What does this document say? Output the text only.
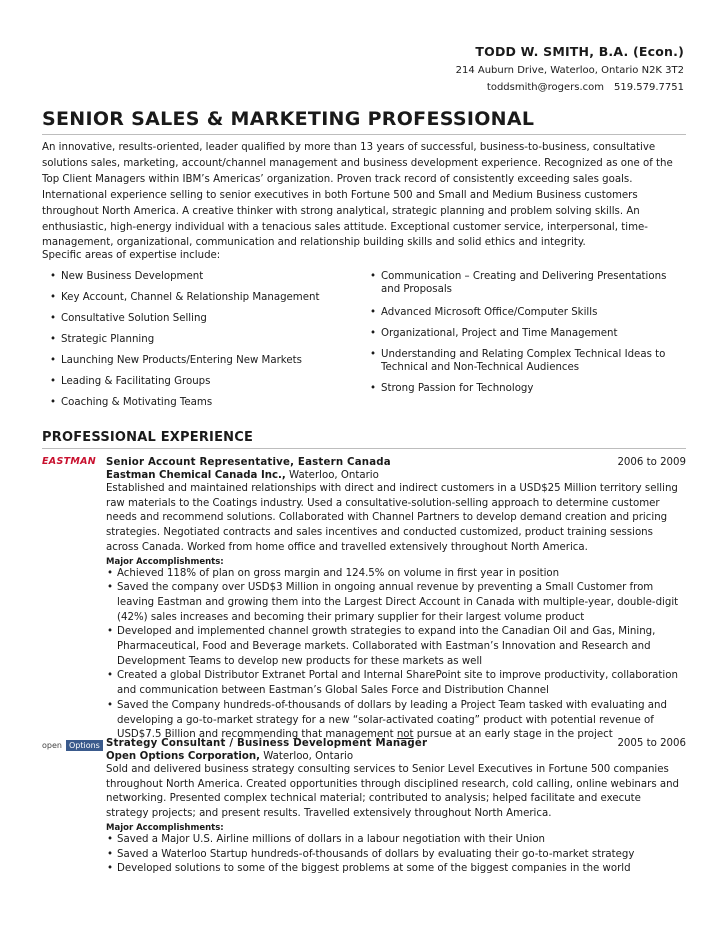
TODD W. SMITH, B.A. (Econ.)
214 Auburn Drive, Waterloo, Ontario N2K 3T2
toddsmith@rogers.com 519.579.7751
SENIOR SALES & MARKETING PROFESSIONAL
An innovative, results-oriented, leader qualified by more than 13 years of successful, business-to-business, consultative solutions sales, marketing, account/channel management and business development experience. Recognized as one of the Top Client Managers within IBM’s Americas’ organization. Proven track record of consistently exceeding sales goals. International experience selling to senior executives in both Fortune 500 and Small and Medium Business customers throughout North America. A creative thinker with strong analytical, strategic planning and problem solving skills. An enthusiastic, high-energy individual with a tenacious sales attitude. Exceptional customer service, interpersonal, time-management, organizational, communication and relationship building skills and solid ethics and integrity.
Specific areas of expertise include:
• New Business Development
• Key Account, Channel & Relationship Management
• Consultative Solution Selling
• Strategic Planning
• Launching New Products/Entering New Markets
• Leading & Facilitating Groups
• Coaching & Motivating Teams
• Communication – Creating and Delivering Presentations and Proposals
• Advanced Microsoft Office/Computer Skills
• Organizational, Project and Time Management
• Understanding and Relating Complex Technical Ideas to Technical and Non-Technical Audiences
• Strong Passion for Technology
PROFESSIONAL EXPERIENCE
EASTMAN Senior Account Representative, Eastern Canada	2006 to 2009
Eastman Chemical Canada Inc., Waterloo, Ontario
Established and maintained relationships with direct and indirect customers in a USD$25 Million territory selling raw materials to the Coatings industry. Used a consultative-solution-selling approach to determine customer needs and recommend solutions. Collaborated with Channel Partners to develop demand creation and pricing strategies. Negotiated contracts and sales incentives and conducted customized, product training sessions across Canada. Worked from home office and travelled extensively throughout North America.
Major Accomplishments:
• Achieved 118% of plan on gross margin and 124.5% on volume in first year in position
• Saved the company over USD$3 Million in ongoing annual revenue by preventing a Small Customer from leaving Eastman and growing them into the Largest Direct Account in Canada with multiple-year, double-digit (42%) sales increases and becoming their primary supplier for their largest volume product
• Developed and implemented channel growth strategies to expand into the Canadian Oil and Gas, Mining, Pharmaceutical, Food and Beverage markets. Collaborated with Eastman’s Innovation and Research and Development Teams to develop new products for these markets as well
• Created a global Distributor Extranet Portal and Internal SharePoint site to improve productivity, collaboration and communication between Eastman’s Global Sales Force and Distribution Channel
• Saved the Company hundreds-of-thousands of dollars by leading a Project Team tasked with evaluating and developing a go-to-market strategy for a new “solar-activated coating” product with potential revenue of USD$7.5 Billion and recommending that management not pursue at an early stage in the project
open Options Strategy Consultant / Business Development Manager	2005 to 2006
Open Options Corporation, Waterloo, Ontario
Sold and delivered business strategy consulting services to Senior Level Executives in Fortune 500 companies throughout North America. Created opportunities through disciplined research, cold calling, online webinars and networking. Presented complex technical material; contributed to analysis; helped facilitate and execute strategy projects; and present results. Travelled extensively throughout North America.
Major Accomplishments:
• Saved a Major U.S. Airline millions of dollars in a labour negotiation with their Union
• Saved a Waterloo Startup hundreds-of-thousands of dollars by evaluating their go-to-market strategy
• Developed solutions to some of the biggest problems at some of the biggest companies in the world
